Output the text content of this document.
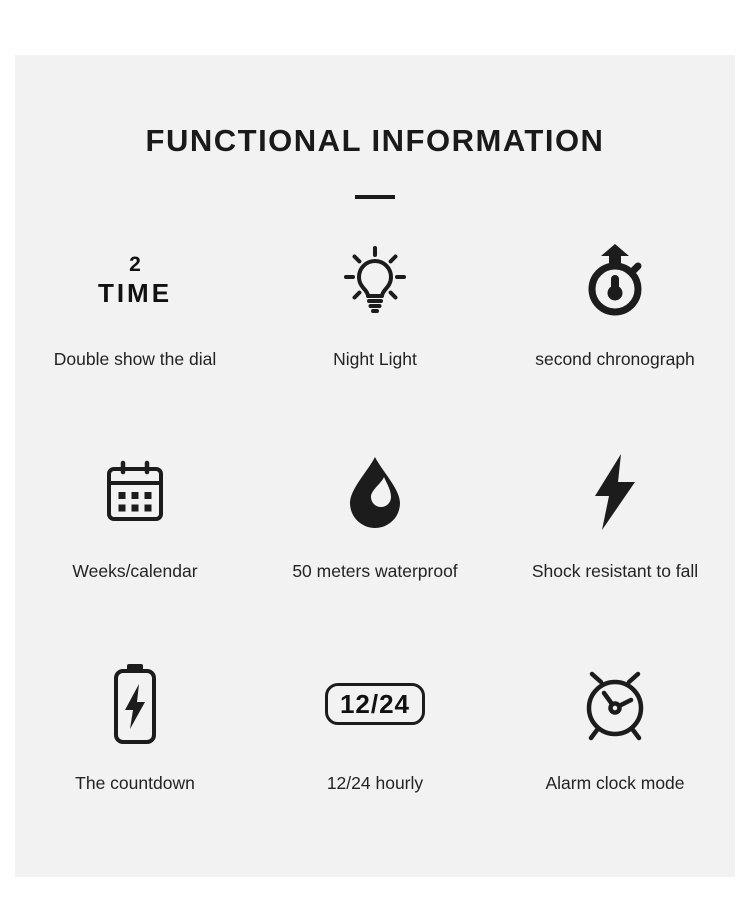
FUNCTIONAL INFORMATION
2
TIME
Double show the dial	Night Light	second chronograph
Weeks/calendar	50 meters waterproof	Shock resistant to fall
The countdown
12/24
12/24 hourly	Alarm clock mode
